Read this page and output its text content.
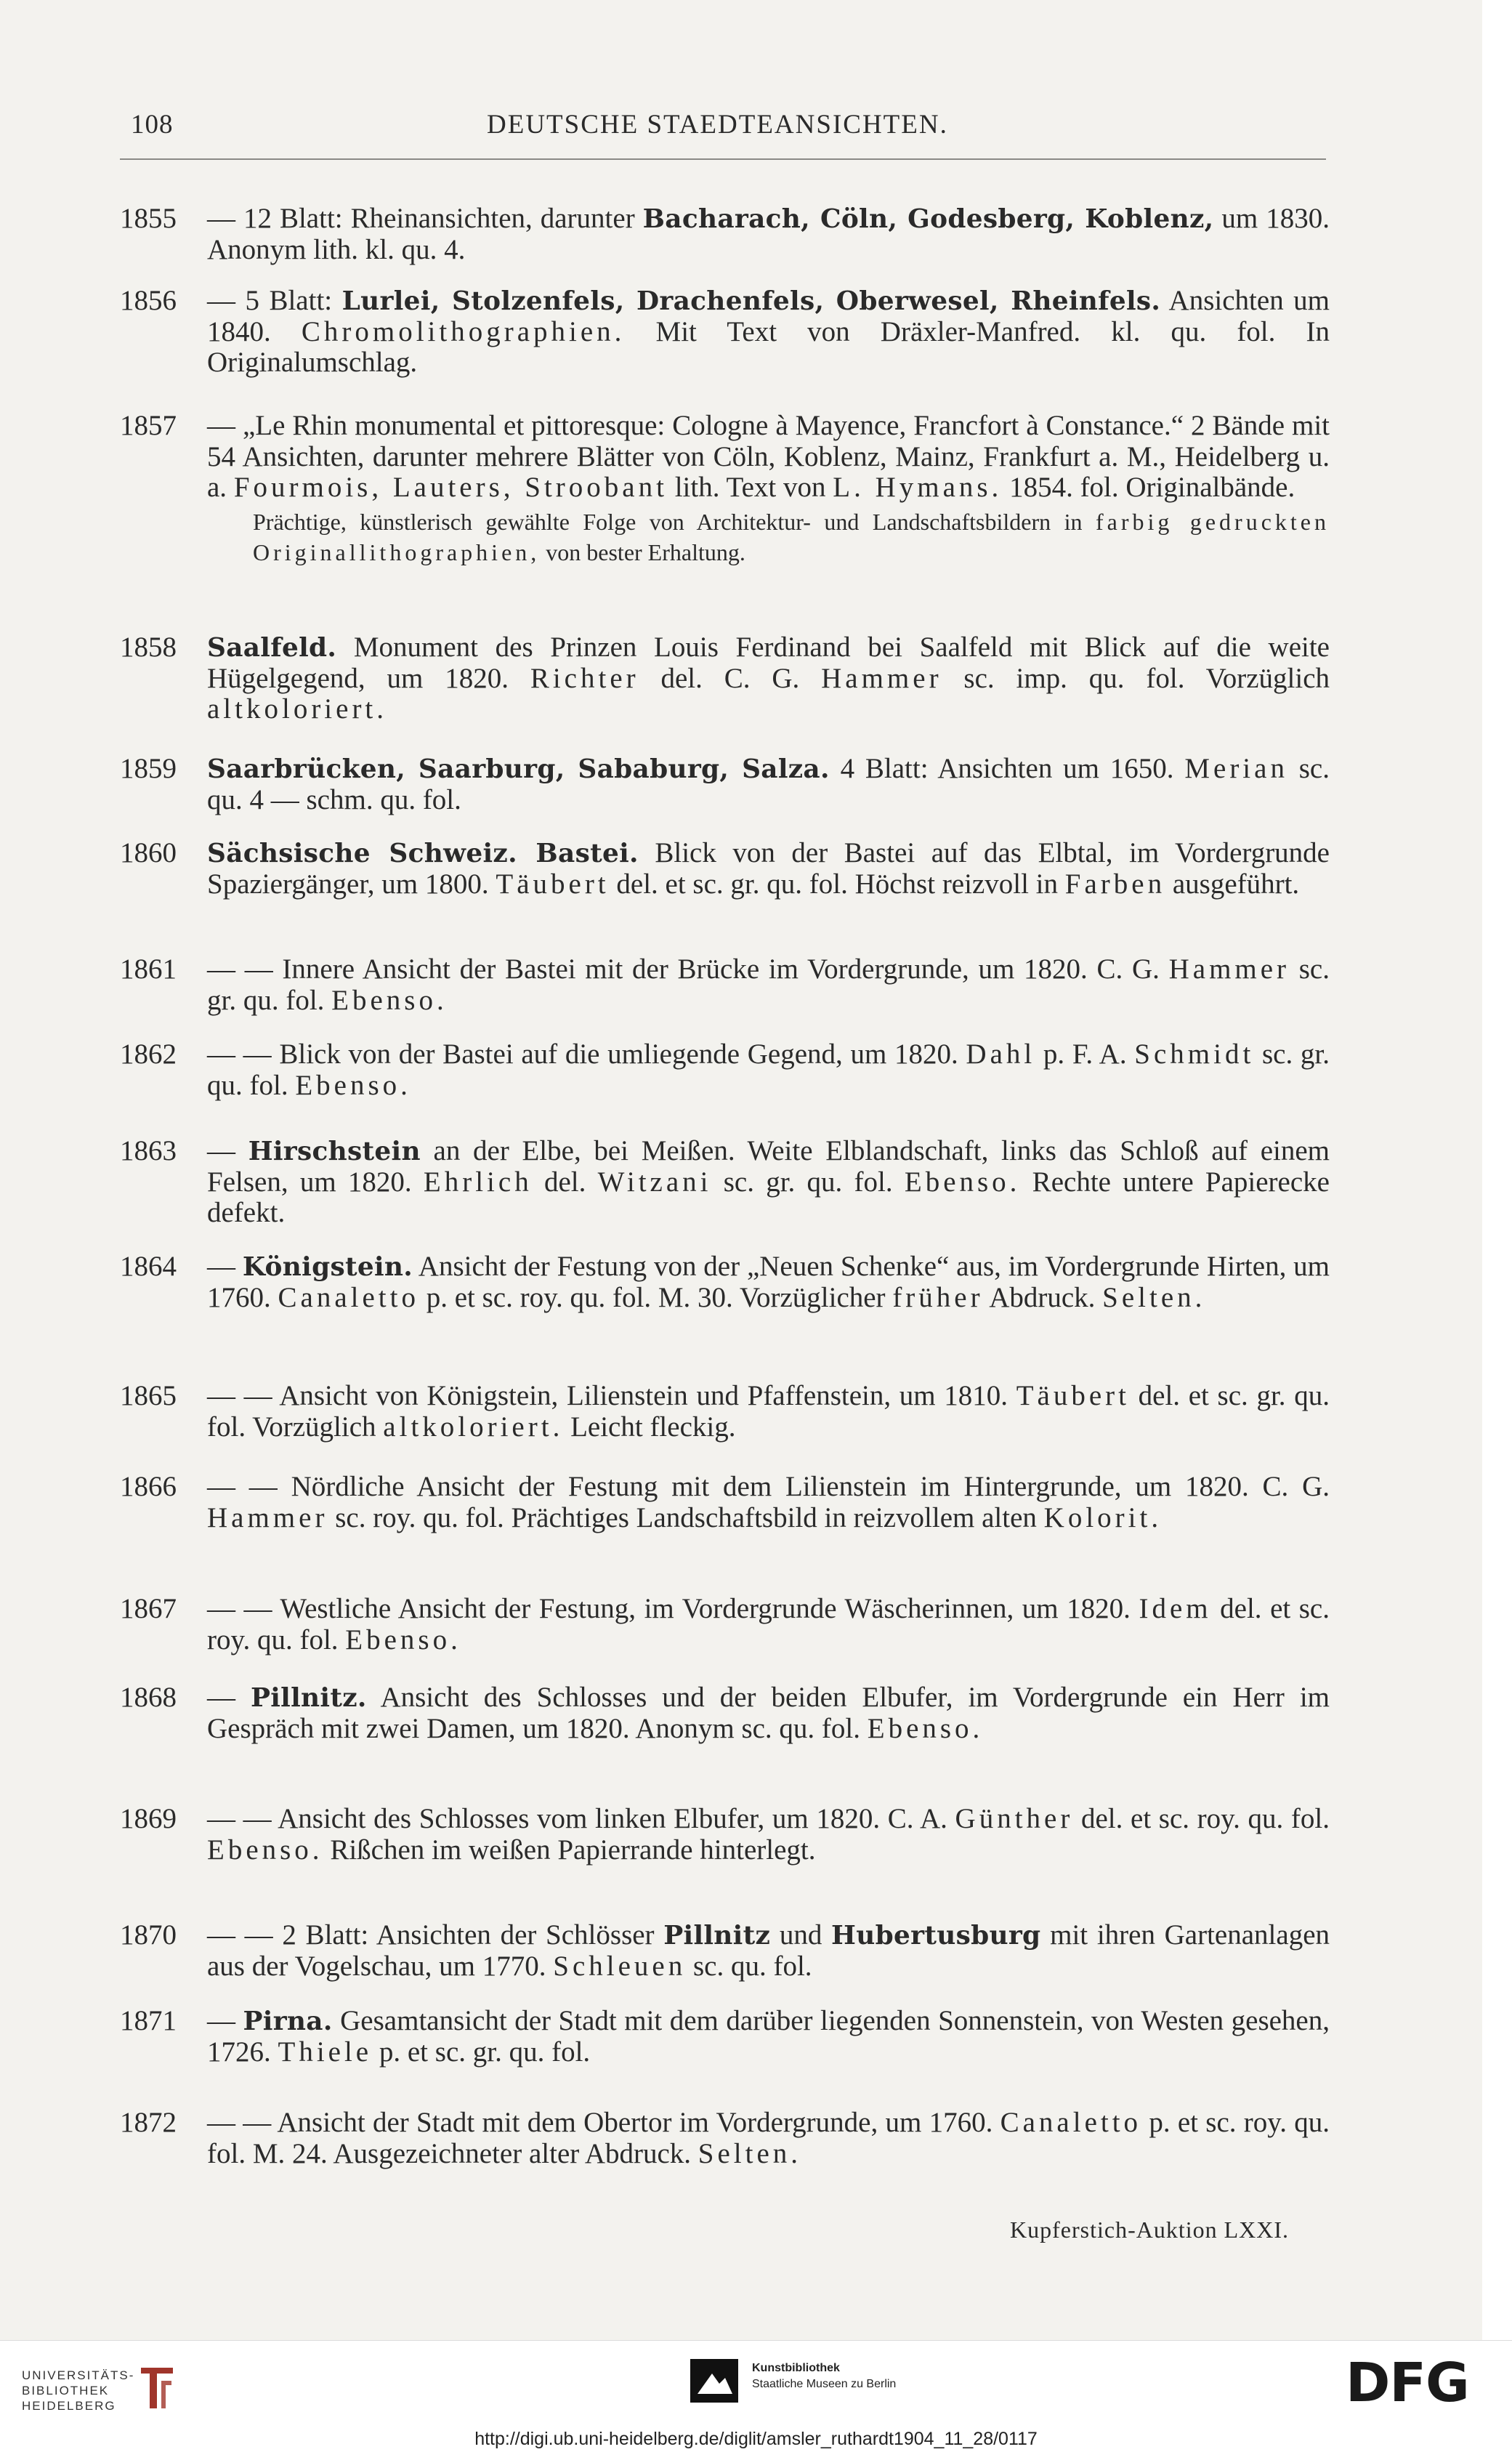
108	DEUTSCHE STAEDTEANSICHTEN.
1855	— 12 Blatt: Rheinansichten, darunter Bacharach, Cöln, Godesberg, Koblenz, um 1830. Anonym lith. kl. qu. 4.
1856	— 5 Blatt: Lurlei, Stolzenfels, Drachenfels, Oberwesel, Rheinfels. Ansichten um 1840. Chromolithographien. Mit Text von Dräxler-Manfred. kl. qu. fol. In Originalumschlag.
1857	— „Le Rhin monumental et pittoresque: Cologne à Mayence, Francfort à Constance.“ 2 Bände mit 54 Ansichten, darunter mehrere Blätter von Cöln, Koblenz, Mainz, Frankfurt a. M., Heidelberg u. a. Fourmois, Lauters, Stroobant lith. Text von L. Hymans. 1854. fol. Originalbände.
Prächtige, künstlerisch gewählte Folge von Architektur- und Landschaftsbildern in farbig gedruckten Originallithographien, von bester Erhaltung.
1858	Saalfeld. Monument des Prinzen Louis Ferdinand bei Saalfeld mit Blick auf die weite Hügelgegend, um 1820. Richter del. C. G. Hammer sc. imp. qu. fol. Vorzüglich altkoloriert.
1859	Saarbrücken, Saarburg, Sababurg, Salza. 4 Blatt: Ansichten um 1650. Merian sc. qu. 4 — schm. qu. fol.
1860	Sächsische Schweiz. Bastei. Blick von der Bastei auf das Elbtal, im Vordergrunde Spaziergänger, um 1800. Täubert del. et sc. gr. qu. fol. Höchst reizvoll in Farben ausgeführt.
1861	— — Innere Ansicht der Bastei mit der Brücke im Vordergrunde, um 1820. C. G. Hammer sc. gr. qu. fol. Ebenso.
1862	— — Blick von der Bastei auf die umliegende Gegend, um 1820. Dahl p. F. A. Schmidt sc. gr. qu. fol. Ebenso.
1863	— Hirschstein an der Elbe, bei Meißen. Weite Elblandschaft, links das Schloß auf einem Felsen, um 1820. Ehrlich del. Witzani sc. gr. qu. fol. Ebenso. Rechte untere Papierecke defekt.
1864	— Königstein. Ansicht der Festung von der „Neuen Schenke“ aus, im Vordergrunde Hirten, um 1760. Canaletto p. et sc. roy. qu. fol. M. 30. Vorzüglicher früher Abdruck. Selten.
1865	— — Ansicht von Königstein, Lilienstein und Pfaffenstein, um 1810. Täubert del. et sc. gr. qu. fol. Vorzüglich altkoloriert. Leicht fleckig.
1866	— — Nördliche Ansicht der Festung mit dem Lilienstein im Hintergrunde, um 1820. C. G. Hammer sc. roy. qu. fol. Prächtiges Landschaftsbild in reizvollem alten Kolorit.
1867	— — Westliche Ansicht der Festung, im Vordergrunde Wäscherinnen, um 1820. Idem del. et sc. roy. qu. fol. Ebenso.
1868	— Pillnitz. Ansicht des Schlosses und der beiden Elbufer, im Vordergrunde ein Herr im Gespräch mit zwei Damen, um 1820. Anonym sc. qu. fol. Ebenso.
1869	— — Ansicht des Schlosses vom linken Elbufer, um 1820. C. A. Günther del. et sc. roy. qu. fol. Ebenso. Rißchen im weißen Papierrande hinterlegt.
1870	— — 2 Blatt: Ansichten der Schlösser Pillnitz und Hubertusburg mit ihren Gartenanlagen aus der Vogelschau, um 1770. Schleuen sc. qu. fol.
1871	— Pirna. Gesamtansicht der Stadt mit dem darüber liegenden Sonnenstein, von Westen gesehen, 1726. Thiele p. et sc. gr. qu. fol.
1872	— — Ansicht der Stadt mit dem Obertor im Vordergrunde, um 1760. Canaletto p. et sc. roy. qu. fol. M. 24. Ausgezeichneter alter Abdruck. Selten.
Kupferstich-Auktion LXXI.
UNIVERSITÄTS-
BIBLIOTHEK
HEIDELBERG
Kunstbibliothek
Staatliche Museen zu Berlin	DFG
http://digi.ub.uni-heidelberg.de/diglit/amsler_ruthardt1904_11_28/0117
